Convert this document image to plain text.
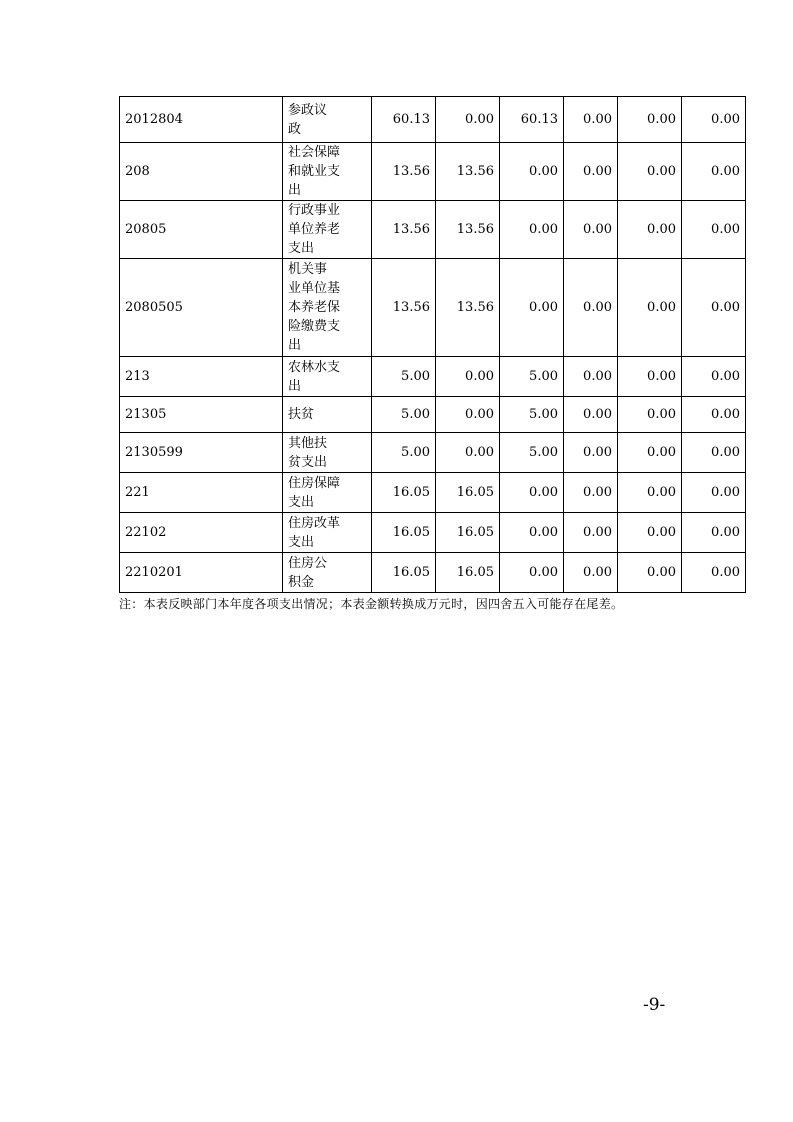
2012804	参政议
政	60.13	0.00	60.13	0.00	0.00	0.00
208	社会保障
和就业支
出	13.56	13.56	0.00	0.00	0.00	0.00
20805	行政事业
单位养老
支出	13.56	13.56	0.00	0.00	0.00	0.00
2080505	机关事
业单位基
本养老保
险缴费支
出	13.56	13.56	0.00	0.00	0.00	0.00
213	农林水支
出	5.00	0.00	5.00	0.00	0.00	0.00
21305	扶贫	5.00	0.00	5.00	0.00	0.00	0.00
2130599	其他扶
贫支出	5.00	0.00	5.00	0.00	0.00	0.00
221	住房保障
支出	16.05	16.05	0.00	0.00	0.00	0.00
22102	住房改革
支出	16.05	16.05	0.00	0.00	0.00	0.00
2210201	住房公
积金	16.05	16.05	0.00	0.00	0.00	0.00
注：本表反映部门本年度各项支出情况；本表金额转换成万元时，因四舍五入可能存在尾差。
-9-
